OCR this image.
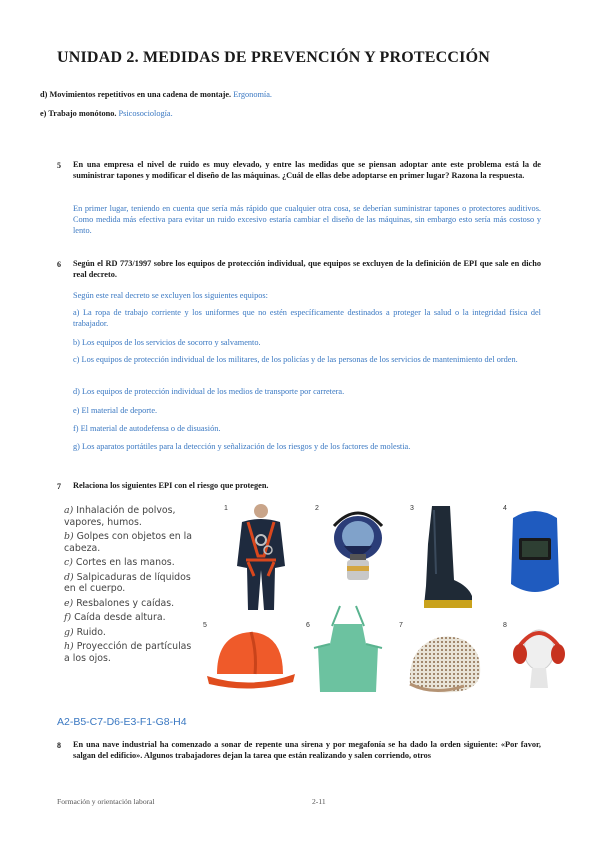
UNIDAD 2. MEDIDAS DE PREVENCIÓN Y PROTECCIÓN
d) Movimientos repetitivos en una cadena de montaje. Ergonomía.
e) Trabajo monótono. Psicosociología.
5 En una empresa el nivel de ruido es muy elevado, y entre las medidas que se piensan adoptar ante este problema está la de suministrar tapones y modificar el diseño de las máquinas. ¿Cuál de ellas debe adoptarse en primer lugar? Razona la respuesta.
En primer lugar, teniendo en cuenta que sería más rápido que cualquier otra cosa, se deberían suministrar tapones o protectores auditivos. Como medida más efectiva para evitar un ruido excesivo estaría cambiar el diseño de las máquinas, sin embargo esto sería más costoso y lento.
6 Según el RD 773/1997 sobre los equipos de protección individual, que equipos se excluyen de la definición de EPI que sale en dicho real decreto.
Según este real decreto se excluyen los siguientes equipos:
a) La ropa de trabajo corriente y los uniformes que no estén específicamente destinados a proteger la salud o la integridad física del trabajador.
b) Los equipos de los servicios de socorro y salvamento.
c) Los equipos de protección individual de los militares, de los policías y de las personas de los servicios de mantenimiento del orden.
d) Los equipos de protección individual de los medios de transporte por carretera.
e) El material de deporte.
f) El material de autodefensa o de disuasión.
g) Los aparatos portátiles para la detección y señalización de los riesgos y de los factores de molestia.
7 Relaciona los siguientes EPI con el riesgo que protegen.
a) Inhalación de polvos, vapores, humos.
b) Golpes con objetos en la cabeza.
c) Cortes en las manos.
d) Salpicaduras de líquidos en el cuerpo.
e) Resbalones y caídas.
f) Caída desde altura.
g) Ruido.
h) Proyección de partículas a los ojos.
1	2	3	4
5	6	7	8
A2-B5-C7-D6-E3-F1-G8-H4
8 En una nave industrial ha comenzado a sonar de repente una sirena y por megafonía se ha dado la orden siguiente: «Por favor, salgan del edificio». Algunos trabajadores dejan la tarea que están realizando y salen corriendo, otros
Formación y orientación laboral	2-11
